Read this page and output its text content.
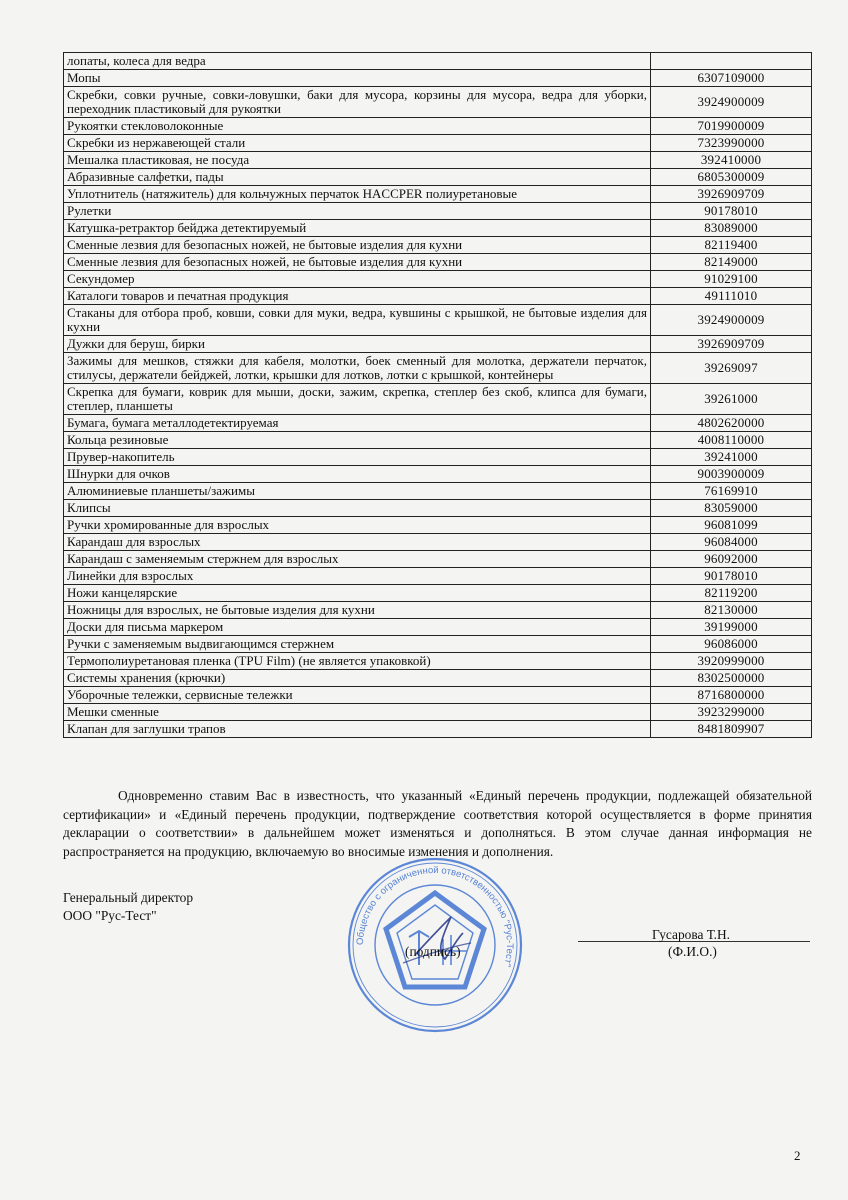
лопаты, колеса для ведра	
Мопы	6307109000
Скребки, совки ручные, совки-ловушки, баки для мусора, корзины для мусора, ведра для уборки, переходник пластиковый для рукоятки	3924900009
Рукоятки стекловолоконные	7019900009
Скребки из нержавеющей стали	7323990000
Мешалка пластиковая, не посуда	392410000
Абразивные салфетки, пады	6805300009
Уплотнитель (натяжитель) для кольчужных перчаток HACCPER полиуретановые	3926909709
Рулетки	90178010
Катушка-ретрактор бейджа детектируемый	83089000
Сменные лезвия для безопасных ножей, не бытовые изделия для кухни	82119400
Сменные лезвия для безопасных ножей, не бытовые изделия для кухни	82149000
Секундомер	91029100
Каталоги товаров и печатная продукция	49111010
Стаканы для отбора проб, ковши, совки для муки, ведра, кувшины с крышкой, не бытовые изделия для кухни	3924900009
Дужки для беруш, бирки	3926909709
Зажимы для мешков, стяжки для кабеля, молотки, боек сменный для молотка, держатели перчаток, стилусы, держатели бейджей, лотки, крышки для лотков, лотки с крышкой, контейнеры	39269097
Скрепка для бумаги, коврик для мыши, доски, зажим, скрепка, степлер без скоб, клипса для бумаги, степлер, планшеты	39261000
Бумага, бумага металлодетектируемая	4802620000
Кольца резиновые	4008110000
Прувер-накопитель	39241000
Шнурки для очков	9003900009
Алюминиевые планшеты/зажимы	76169910
Клипсы	83059000
Ручки хромированные для взрослых	96081099
Карандаш для взрослых	96084000
Карандаш с заменяемым стержнем для взрослых	96092000
Линейки для взрослых	90178010
Ножи канцелярские	82119200
Ножницы для взрослых, не бытовые изделия для кухни	82130000
Доски для письма маркером	39199000
Ручки с заменяемым выдвигающимся стержнем	96086000
Термополиуретановая пленка (TPU Film) (не является упаковкой)	3920999000
Системы хранения (крючки)	8302500000
Уборочные тележки, сервисные тележки	8716800000
Мешки сменные	3923299000
Клапан для заглушки трапов	8481809907

Одновременно ставим Вас в известность, что указанный «Единый перечень продукции, подлежащей обязательной сертификации» и «Единый перечень продукции, подтверждение соответствия которой осуществляется в форме принятия декларации о соответствии» в дальнейшем может изменяться и дополняться. В этом случае данная информация не распространяется на продукцию, включаемую во вносимые изменения и дополнения.

Генеральный директор
ООО "Рус-Тест"
Общество с ограниченной ответственностью "Рус-Тест"
(подпись)
Гусарова Т.Н.
(Ф.И.О.)
2
